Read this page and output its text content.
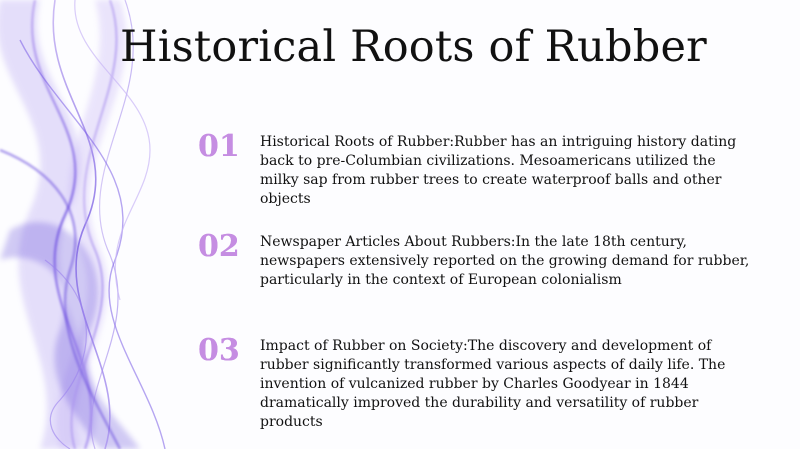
Historical Roots of Rubber
01	Historical Roots of Rubber:Rubber has an intriguing history dating back to pre-Columbian civilizations. Mesoamericans utilized the milky sap from rubber trees to create waterproof balls and other objects
02	Newspaper Articles About Rubbers:In the late 18th century, newspapers extensively reported on the growing demand for rubber, particularly in the context of European colonialism
03	Impact of Rubber on Society:The discovery and development of rubber significantly transformed various aspects of daily life. The invention of vulcanized rubber by Charles Goodyear in 1844 dramatically improved the durability and versatility of rubber products
